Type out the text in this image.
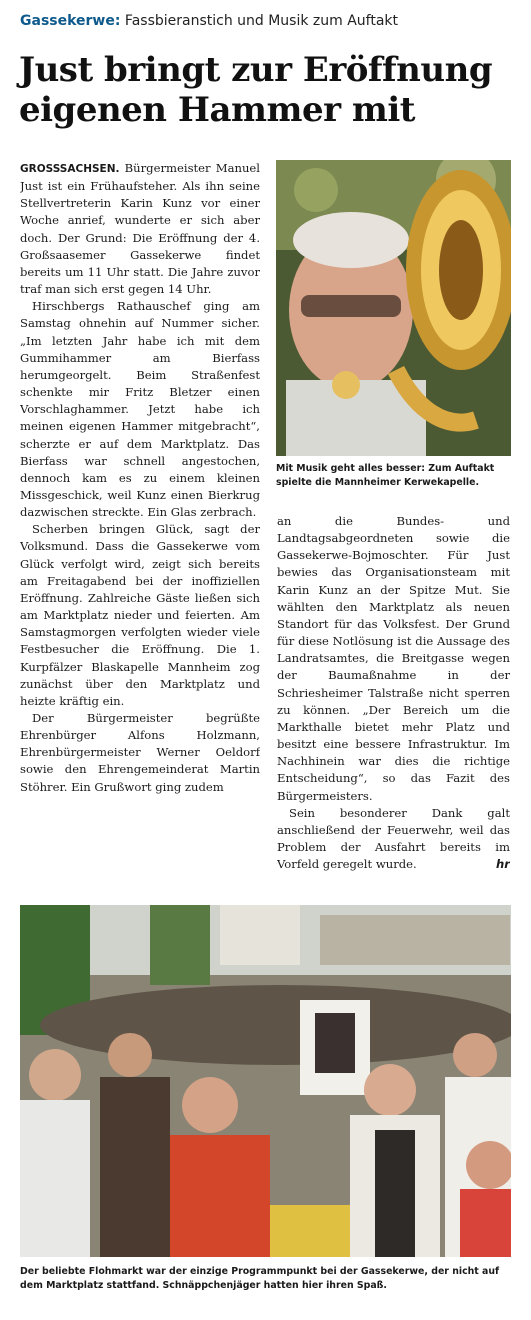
Gassekerwe: Fassbieranstich und Musik zum Auftakt
Just bringt zur Eröffnung
eigenen Hammer mit

GROSSSACHSEN. Bürgermeister Manuel Just ist ein Frühaufsteher. Als ihn seine Stellvertreterin Karin Kunz vor einer Woche anrief, wunderte er sich aber doch. Der Grund: Die Eröffnung der 4. Großsaasemer Gassekerwe findet bereits um 11 Uhr statt. Die Jahre zuvor traf man sich erst gegen 14 Uhr.

Hirschbergs Rathauschef ging am Samstag ohnehin auf Nummer sicher. „Im letzten Jahr habe ich mit dem Gummihammer am Bierfass herumgeorgelt. Beim Straßenfest schenkte mir Fritz Bletzer einen Vorschlaghammer. Jetzt habe ich meinen eigenen Hammer mitgebracht“, scherzte er auf dem Marktplatz. Das Bierfass war schnell angestochen, dennoch kam es zu einem kleinen Missgeschick, weil Kunz einen Bierkrug dazwischen streckte. Ein Glas zerbrach.

Scherben bringen Glück, sagt der Volksmund. Dass die Gassekerwe vom Glück verfolgt wird, zeigt sich bereits am Freitagabend bei der inoffiziellen Eröffnung. Zahlreiche Gäste ließen sich am Marktplatz nieder und feierten. Am Samstagmorgen verfolgten wieder viele Festbesucher die Eröffnung. Die 1. Kurpfälzer Blaskapelle Mannheim zog zunächst über den Marktplatz und heizte kräftig ein.

Der Bürgermeister begrüßte Ehrenbürger Alfons Holzmann, Ehrenbürgermeister Werner Oeldorf sowie den Ehrengemeinderat Martin Stöhrer. Ein Grußwort ging zudem

Mit Musik geht alles besser: Zum Auftakt
spielte die Mannheimer Kerwekapelle.

an die Bundes- und Landtagsabgeordneten sowie die Gassekerwe-Bojmoschter. Für Just bewies das Organisationsteam mit Karin Kunz an der Spitze Mut. Sie wählten den Marktplatz als neuen Standort für das Volksfest. Der Grund für diese Notlösung ist die Aussage des Landratsamtes, die Breitgasse wegen der Baumaßnahme in der Schriesheimer Talstraße nicht sperren zu können. „Der Bereich um die Markthalle bietet mehr Platz und besitzt eine bessere Infrastruktur. Im Nachhinein war dies die richtige Entscheidung“, so das Fazit des Bürgermeisters.

Sein besonderer Dank galt anschließend der Feuerwehr, weil das Problem der Ausfahrt bereits im Vorfeld geregelt wurde.	hr

Der beliebte Flohmarkt war der einzige Programmpunkt bei der Gassekerwe, der nicht auf
dem Marktplatz stattfand. Schnäppchenjäger hatten hier ihren Spaß.
